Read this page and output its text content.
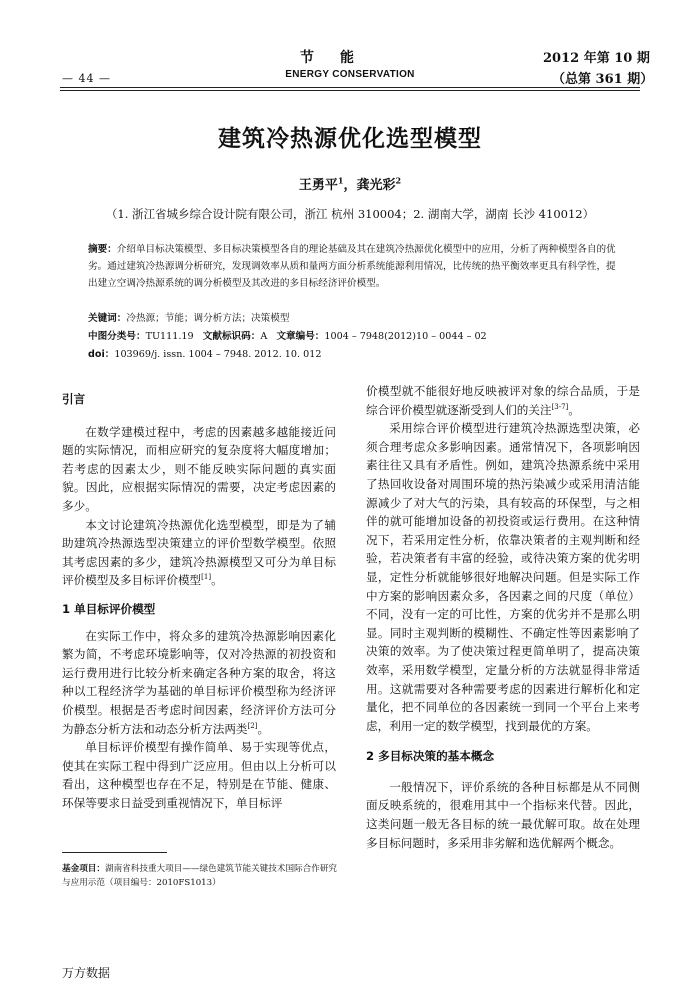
节能
ENERGY CONSERVATION
2012 年第 10 期
（总第 361 期）
— 44 —
建筑冷热源优化选型模型
王勇平$^1$，龚光彩$^2$
（1. 浙江省城乡综合设计院有限公司，浙江 杭州 310004；2. 湖南大学，湖南 长沙 410012）
摘要：介绍单目标决策模型、多目标决策模型各自的理论基础及其在建筑冷热源优化模型中的应用，分析了两种模型各自的优劣。通过建筑冷热源调分析研究，发现调效率从质和量两方面分析系统能源利用情况，比传统的热平衡效率更具有科学性，提出建立空调冷热源系统的调分析模型及其改进的多目标经济评价模型。
关键词：冷热源；节能；调分析方法；决策模型
中图分类号：TU111.19 文献标识码：A 文章编号：1004 – 7948(2012)10 – 0044 – 02
doi：103969/j. issn. 1004 – 7948. 2012. 10. 012
引言

在数学建模过程中，考虑的因素越多越能接近问题的实际情况，而相应研究的复杂度将大幅度增加；若考虑的因素太少，则不能反映实际问题的真实面貌。因此，应根据实际情况的需要，决定考虑因素的多少。

本文讨论建筑冷热源优化选型模型，即是为了辅助建筑冷热源选型决策建立的评价型数学模型。依照其考虑因素的多少，建筑冷热源模型又可分为单目标评价模型及多目标评价模型[1]。

1 单目标评价模型

在实际工作中，将众多的建筑冷热源影响因素化繁为简，不考虑环境影响等，仅对冷热源的初投资和运行费用进行比较分析来确定各种方案的取舍，将这种以工程经济学为基础的单目标评价模型称为经济评价模型。根据是否考虑时间因素，经济评价方法可分为静态分析方法和动态分析方法两类[2]。

单目标评价模型有操作简单、易于实现等优点，使其在实际工程中得到广泛应用。但由以上分析可以看出，这种模型也存在不足，特别是在节能、健康、环保等要求日益受到重视情况下，单目标评

价模型就不能很好地反映被评对象的综合品质，于是综合评价模型就逐渐受到人们的关注[3-7]。

采用综合评价模型进行建筑冷热源选型决策，必须合理考虑众多影响因素。通常情况下，各项影响因素往往又具有矛盾性。例如，建筑冷热源系统中采用了热回收设备对周围环境的热污染减少或采用清洁能源减少了对大气的污染，具有较高的环保型，与之相伴的就可能增加设备的初投资或运行费用。在这种情况下，若采用定性分析，依靠决策者的主观判断和经验，若决策者有丰富的经验，或待决策方案的优劣明显，定性分析就能够很好地解决问题。但是实际工作中方案的影响因素众多，各因素之间的尺度（单位）不同，没有一定的可比性，方案的优劣并不是那么明显。同时主观判断的模糊性、不确定性等因素影响了决策的效率。为了使决策过程更简单明了，提高决策效率，采用数学模型，定量分析的方法就显得非常适用。这就需要对各种需要考虑的因素进行解析化和定量化，把不同单位的各因素统一到同一个平台上来考虑，利用一定的数学模型，找到最优的方案。

2 多目标决策的基本概念

一般情况下，评价系统的各种目标都是从不同侧面反映系统的，很难用其中一个指标来代替。因此，这类问题一般无各目标的统一最优解可取。故在处理多目标问题时，多采用非劣解和选优解两个概念。

基金项目：湖南省科技重大项目——绿色建筑节能关键技术国际合作研究与应用示范（项目编号：2010FS1013）
万方数据
